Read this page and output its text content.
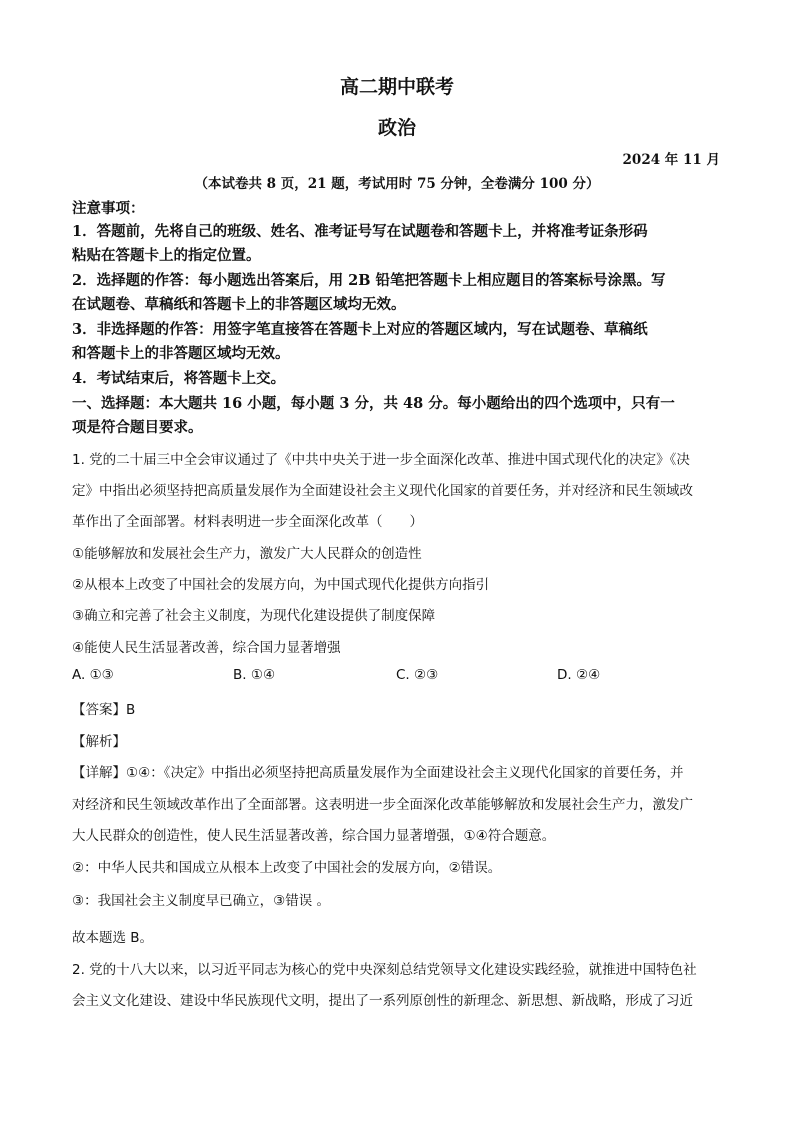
高二期中联考
政治
2024 年 11 月
（本试卷共 8 页，21 题，考试用时 75 分钟，全卷满分 100 分）
注意事项：
1．答题前，先将自己的班级、姓名、准考证号写在试题卷和答题卡上，并将准考证条形码
粘贴在答题卡上的指定位置。
2．选择题的作答：每小题选出答案后，用 2B 铅笔把答题卡上相应题目的答案标号涂黑。写
在试题卷、草稿纸和答题卡上的非答题区域均无效。
3．非选择题的作答：用签字笔直接答在答题卡上对应的答题区域内，写在试题卷、草稿纸
和答题卡上的非答题区域均无效。
4．考试结束后，将答题卡上交。
一、选择题：本大题共 16 小题，每小题 3 分，共 48 分。每小题给出的四个选项中，只有一
项是符合题目要求。
1. 党的二十届三中全会审议通过了《中共中央关于进一步全面深化改革、推进中国式现代化的决定》《决
定》中指出必须坚持把高质量发展作为全面建设社会主义现代化国家的首要任务，并对经济和民生领域改
革作出了全面部署。材料表明进一步全面深化改革（　　）
①能够解放和发展社会生产力，激发广大人民群众的创造性
②从根本上改变了中国社会的发展方向，为中国式现代化提供方向指引
③确立和完善了社会主义制度，为现代化建设提供了制度保障
④能使人民生活显著改善，综合国力显著增强
A. ①③	B. ①④	C. ②③	D. ②④
【答案】B
【解析】
【详解】①④：《决定》中指出必须坚持把高质量发展作为全面建设社会主义现代化国家的首要任务，并
对经济和民生领域改革作出了全面部署。这表明进一步全面深化改革能够解放和发展社会生产力，激发广
大人民群众的创造性，使人民生活显著改善，综合国力显著增强，①④符合题意。
②：中华人民共和国成立从根本上改变了中国社会的发展方向，②错误。
③：我国社会主义制度早已确立，③错误 。
故本题选 B。
2. 党的十八大以来，以习近平同志为核心的党中央深刻总结党领导文化建设实践经验，就推进中国特色社
会主义文化建设、建设中华民族现代文明，提出了一系列原创性的新理念、新思想、新战略，形成了习近
